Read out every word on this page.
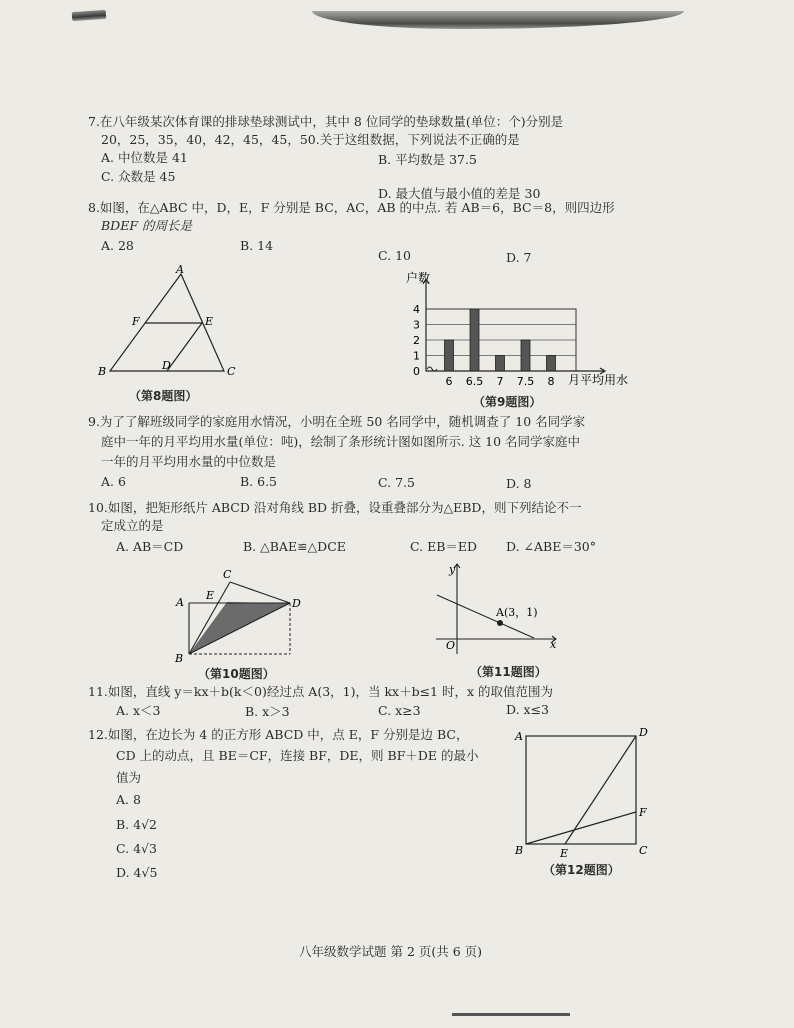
7.在八年级某次体育课的排球垫球测试中，其中 8 位同学的垫球数量(单位：个)分别是
20，25，35，40，42，45，45，50.关于这组数据，下列说法不正确的是
A. 中位数是 41	B. 平均数是 37.5
C. 众数是 45
D. 最大值与最小值的差是 30
8.如图，在△ABC 中，D，E，F 分别是 BC，AC，AB 的中点. 若 AB＝6，BC＝8，则四边形
BDEF 的周长是
A. 28	B. 14
C. 10	D. 7
A
F	E
B	D	C
（第8题图）
户数
月平均用水
0
1
2
3
4
6 6.5 7 7.5 8
（第9题图）
9.为了了解班级同学的家庭用水情况，小明在全班 50 名同学中，随机调查了 10 名同学家
庭中一年的月平均用水量(单位：吨)，绘制了条形统计图如图所示. 这 10 名同学家庭中
一年的月平均用水量的中位数是
A. 6	B. 6.5	C. 7.5	D. 8
10.如图，把矩形纸片 ABCD 沿对角线 BD 折叠，设重叠部分为△EBD，则下列结论不一
定成立的是
A. AB＝CD	B. △BAE≌△DCE	C. EB＝ED D. ∠ABE＝30°
A
E
C
D
B
（第10题图）
y
x
O
A(3，1)
（第11题图）
11.如图，直线 y＝kx＋b(k＜0)经过点 A(3，1)，当 kx＋b≤1 时，x 的取值范围为
A. x＜3	B. x＞3	C. x≥3	D. x≤3
12.如图，在边长为 4 的正方形 ABCD 中，点 E，F 分别是边 BC，
CD 上的动点，且 BE＝CF，连接 BF，DE，则 BF＋DE 的最小
值为
A. 8
B. 4√2
C. 4√3
D. 4√5
A	D
F
B	E	C
（第12题图）
八年级数学试题 第 2 页(共 6 页)
